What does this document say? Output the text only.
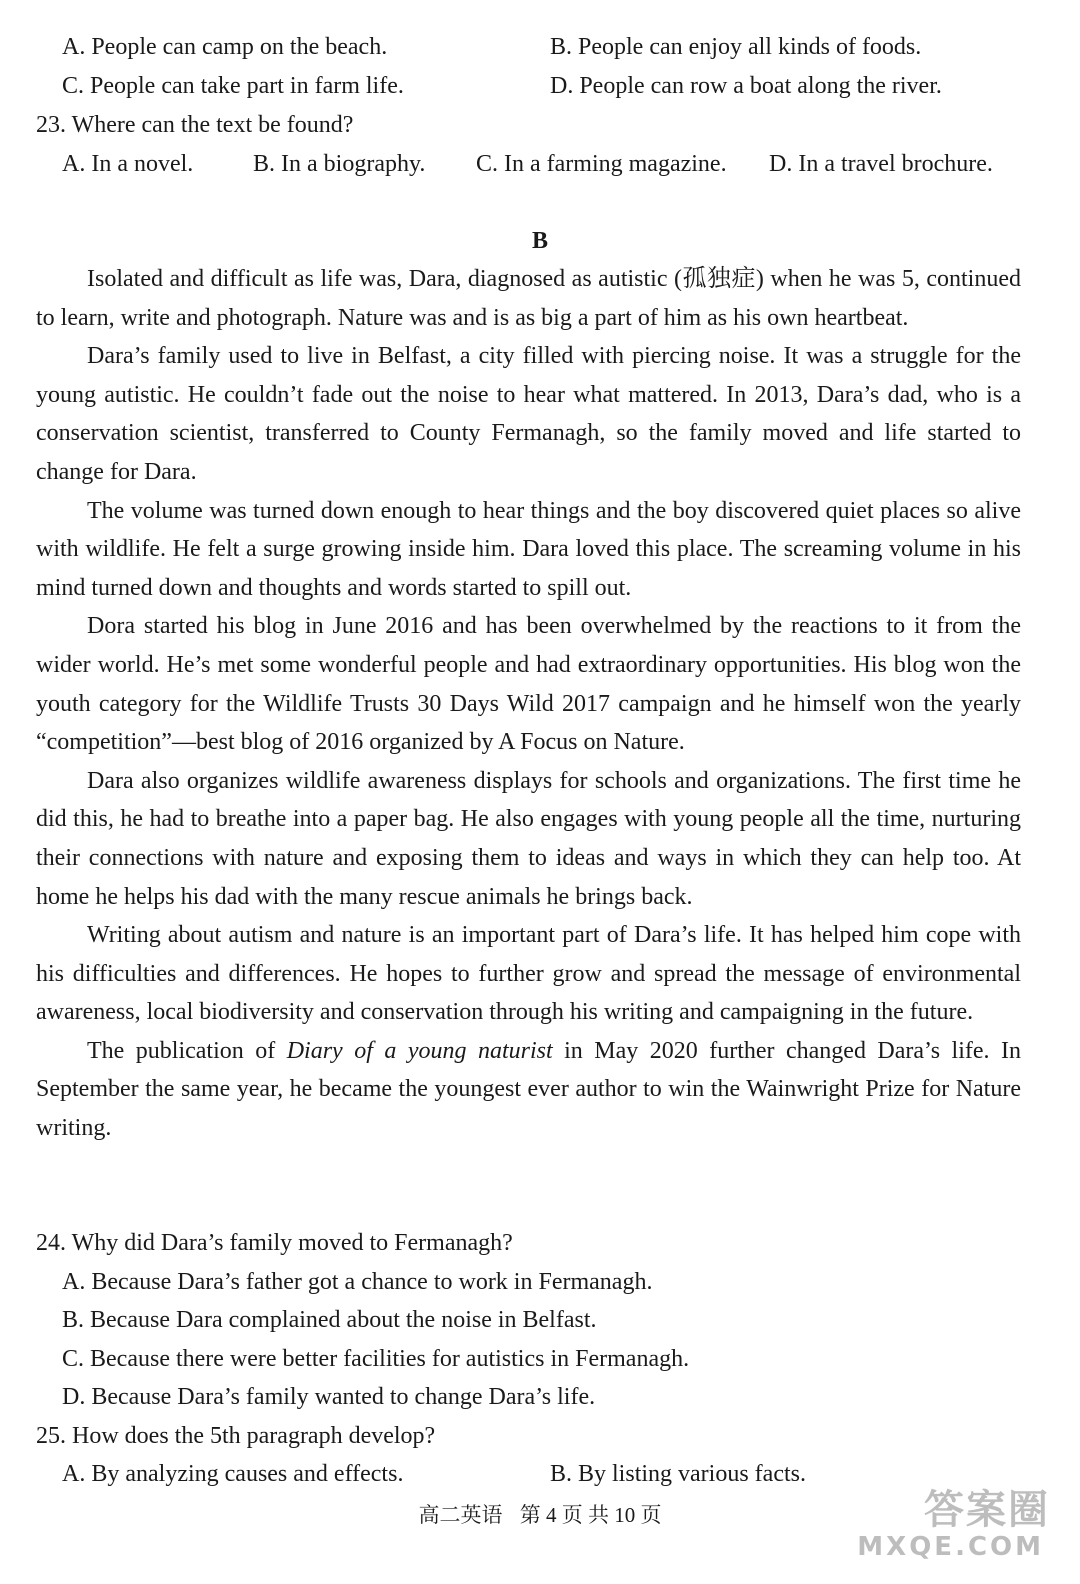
A. People can camp on the beach.	B. People can enjoy all kinds of foods.
C. People can take part in farm life.	D. People can row a boat along the river.
23. Where can the text be found?
A. In a novel. B. In a biography. C. In a farming magazine. D. In a travel brochure.
B

Isolated and difficult as life was, Dara, diagnosed as autistic (孤独症) when he was 5, continued to learn, write and photograph. Nature was and is as big a part of him as his own heartbeat.

Dara’s family used to live in Belfast, a city filled with piercing noise. It was a struggle for the young autistic. He couldn’t fade out the noise to hear what mattered. In 2013, Dara’s dad, who is a conservation scientist, transferred to County Fermanagh, so the family moved and life started to change for Dara.

The volume was turned down enough to hear things and the boy discovered quiet places so alive with wildlife. He felt a surge growing inside him. Dara loved this place. The screaming volume in his mind turned down and thoughts and words started to spill out.

Dora started his blog in June 2016 and has been overwhelmed by the reactions to it from the wider world. He’s met some wonderful people and had extraordinary opportunities. His blog won the youth category for the Wildlife Trusts 30 Days Wild 2017 campaign and he himself won the yearly “competition”—best blog of 2016 organized by A Focus on Nature.

Dara also organizes wildlife awareness displays for schools and organizations. The first time he did this, he had to breathe into a paper bag. He also engages with young people all the time, nurturing their connections with nature and exposing them to ideas and ways in which they can help too. At home he helps his dad with the many rescue animals he brings back.

Writing about autism and nature is an important part of Dara’s life. It has helped him cope with his difficulties and differences. He hopes to further grow and spread the message of environmental awareness, local biodiversity and conservation through his writing and campaigning in the future.

The publication of Diary of a young naturist in May 2020 further changed Dara’s life. In September the same year, he became the youngest ever author to win the Wainwright Prize for Nature writing.

24. Why did Dara’s family moved to Fermanagh?
A. Because Dara’s father got a chance to work in Fermanagh.
B. Because Dara complained about the noise in Belfast.
C. Because there were better facilities for autistics in Fermanagh.
D. Because Dara’s family wanted to change Dara’s life.
25. How does the 5th paragraph develop?
A. By analyzing causes and effects.	B. By listing various facts.
高二英语 第 4 页 共 10 页	答案圈
MXQE.COM
